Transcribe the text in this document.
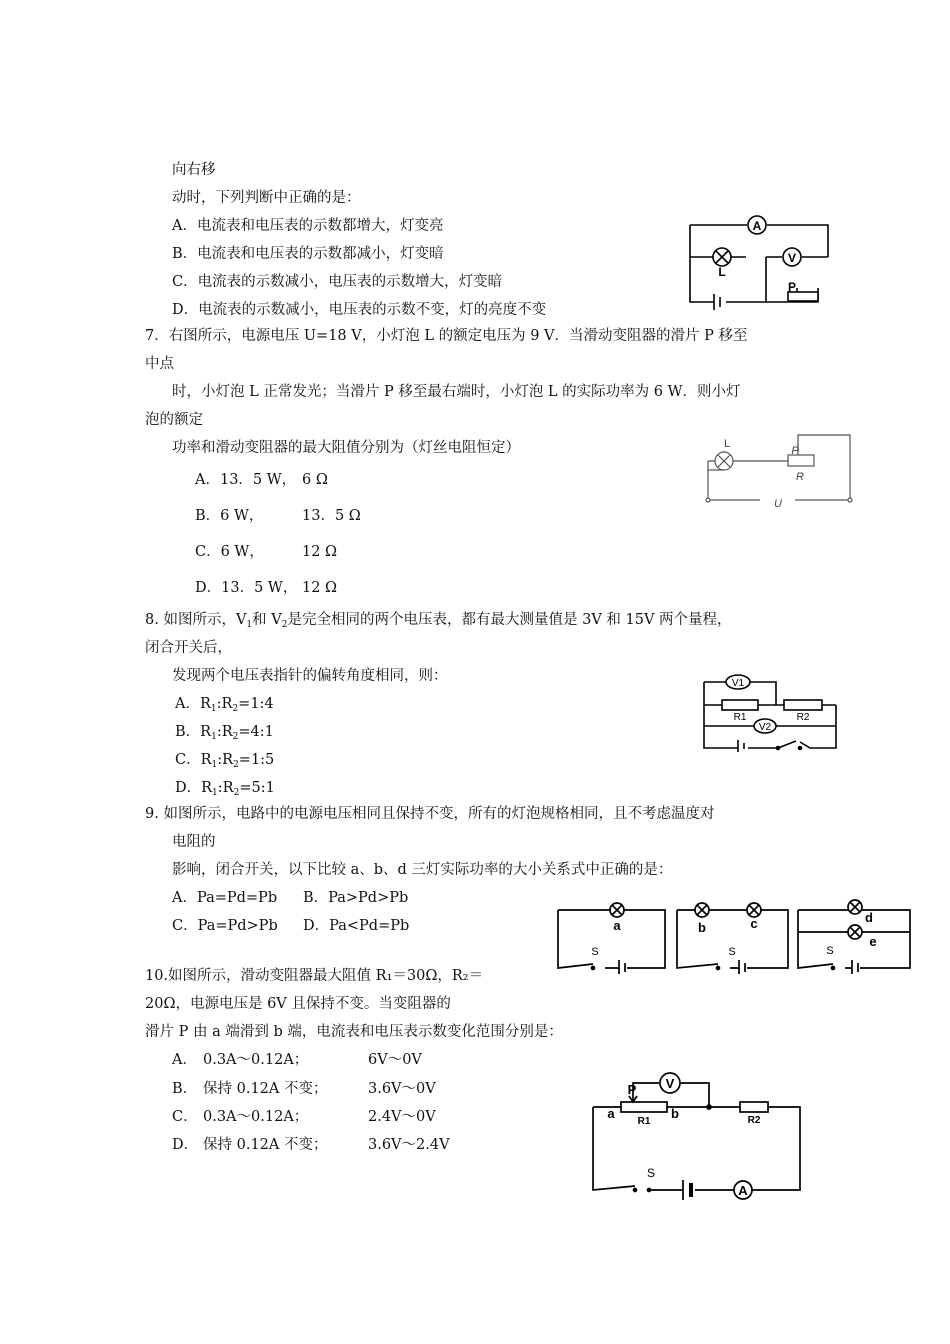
向右移
动时，下列判断中正确的是：
A．电流表和电压表的示数都增大，灯变亮
B．电流表和电压表的示数都减小，灯变暗
C．电流表的示数减小，电压表的示数增大，灯变暗
D．电流表的示数减小，电压表的示数不变，灯的亮度不变
A
V
L
P
7．右图所示，电源电压 U=18 V，小灯泡 L 的额定电压为 9 V．当滑动变阻器的滑片 P 移至
中点
时，小灯泡 L 正常发光；当滑片 P 移至最右端时，小灯泡 L 的实际功率为 6 W．则小灯
泡的额定
功率和滑动变阻器的最大阻值分别为（灯丝电阻恒定）
A．13．5 W， 6 Ω
B．6 W，	13．5 Ω
C．6 W，	12 Ω
D．13．5 W， 12 Ω
L
P
R
U
8. 如图所示，$V_1$和 $V_2$是完全相同的两个电压表，都有最大测量值是 3V 和 15V 两个量程，
闭合开关后，
发现两个电压表指针的偏转角度相同，则：
A．$R_1:R_2=1:4$
B．$R_1:R_2=4:1$
C．$R_1:R_2=1:5$
D．$R_1:R_2=5:1$
V1
V2
R1	R2
9. 如图所示，电路中的电源电压相同且保持不变，所有的灯泡规格相同，且不考虑温度对
电阻的
影响，闭合开关，以下比较 a、b、d 三灯实际功率的大小关系式中正确的是：
A．Pa=Pd=Pb B．Pa>Pd>Pb
C．Pa=Pd>Pb D．Pa<Pd=Pb	a
S
b	c
S
d
e
S
10.如图所示，滑动变阻器最大阻值 R₁＝30Ω，R₂＝
20Ω，电源电压是 6V 且保持不变。当变阻器的
滑片 P 由 a 端滑到 b 端，电流表和电压表示数变化范围分别是：
A． 0.3A～0.12A；	6V～0V
B． 保持 0.12A 不变；	3.6V～0V
C． 0.3A～0.12A；	2.4V～0V
D． 保持 0.12A 不变；	3.6V～2.4V
P V
a	b
R1	R2
S
A
